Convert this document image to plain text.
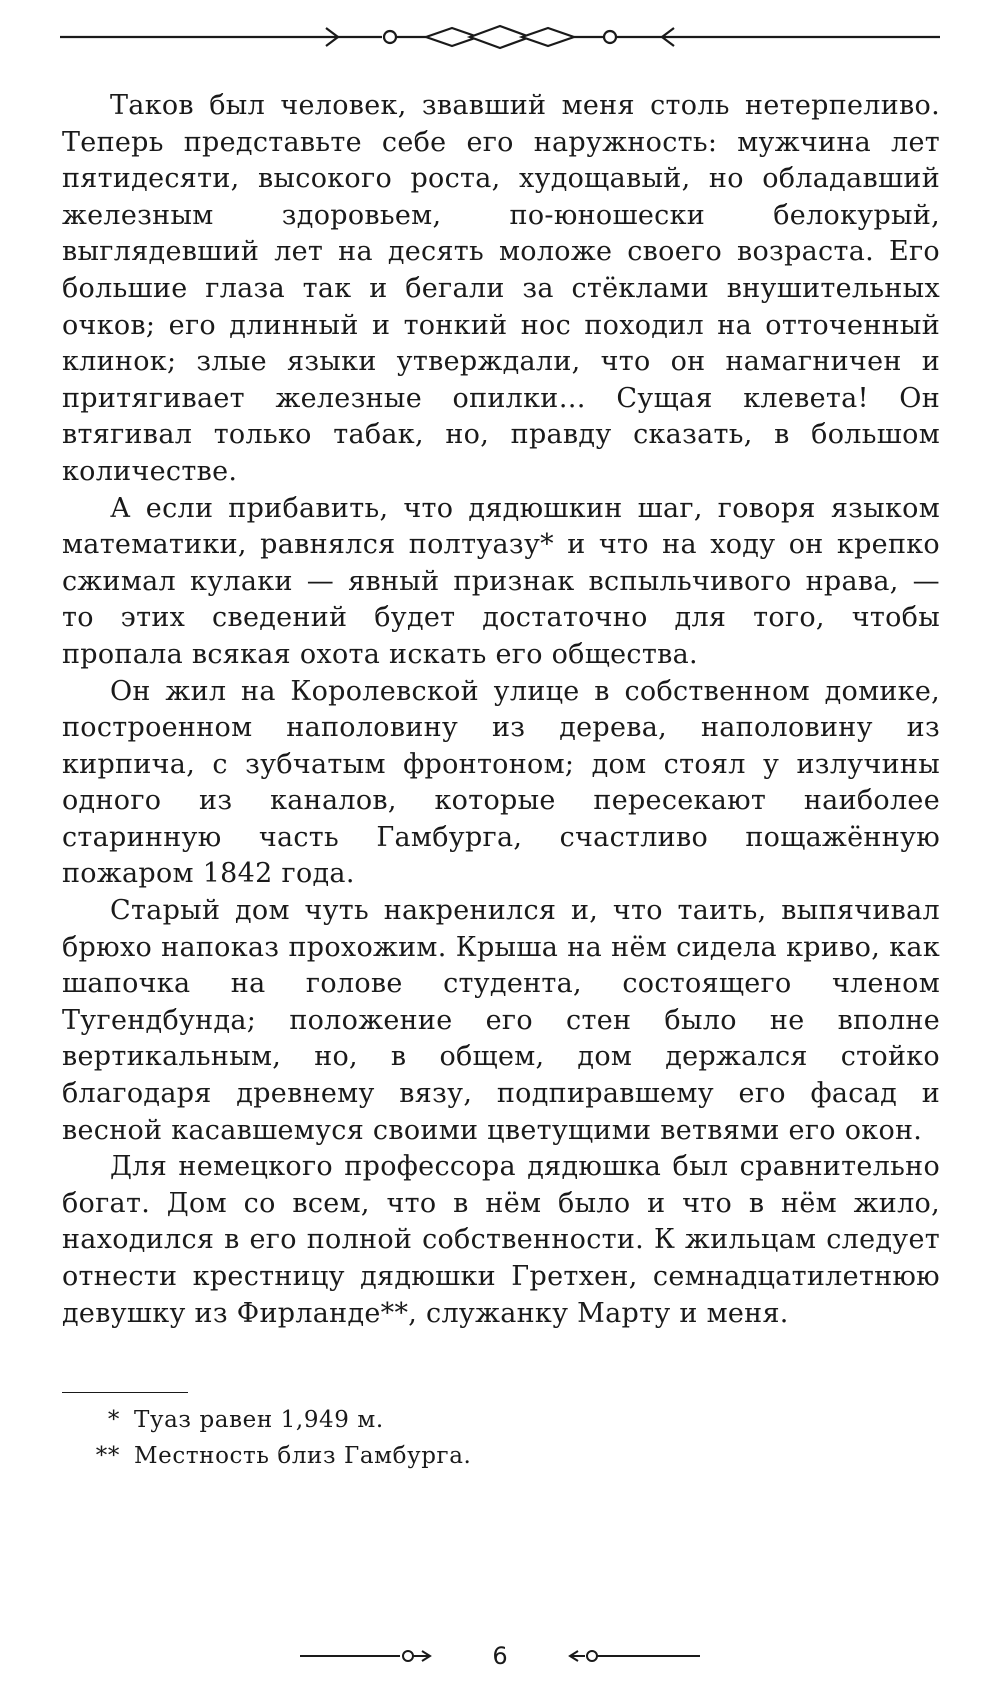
Таков был человек, звавший меня столь нетерпеливо. Теперь представьте себе его наружность: мужчина лет пятидесяти, высокого роста, худощавый, но обладавший железным здоровьем, по-юношески белокурый, выглядевший лет на десять моложе своего возраста. Его большие глаза так и бегали за стёклами внушительных очков; его длинный и тонкий нос походил на отточенный клинок; злые языки утверждали, что он намагничен и притягивает железные опилки… Сущая клевета! Он втягивал только табак, но, правду сказать, в большом количестве.

А если прибавить, что дядюшкин шаг, говоря языком математики, равнялся полтуазу* и что на ходу он крепко сжимал кулаки — явный признак вспыльчивого нрава, — то этих сведений будет достаточно для того, чтобы пропала всякая охота искать его общества.

Он жил на Королевской улице в собственном домике, построенном наполовину из дерева, наполовину из кирпича, с зубчатым фронтоном; дом стоял у излучины одного из каналов, которые пересекают наиболее старинную часть Гамбурга, счастливо пощажённую пожаром 1842 года.

Старый дом чуть накренился и, что таить, выпячивал брюхо напоказ прохожим. Крыша на нём сидела криво, как шапочка на голове студента, состоящего членом Тугендбунда; положение его стен было не вполне вертикальным, но, в общем, дом держался стойко благодаря древнему вязу, подпиравшему его фасад и весной касавшемуся своими цветущими ветвями его окон.

Для немецкого профессора дядюшка был сравнительно богат. Дом со всем, что в нём было и что в нём жило, находился в его полной собственности. К жильцам следует отнести крестницу дядюшки Гретхен, семнадцатилетнюю девушку из Фирланде**, служанку Марту и меня.

* Туаз равен 1,949 м.
** Местность близ Гамбурга.
6
